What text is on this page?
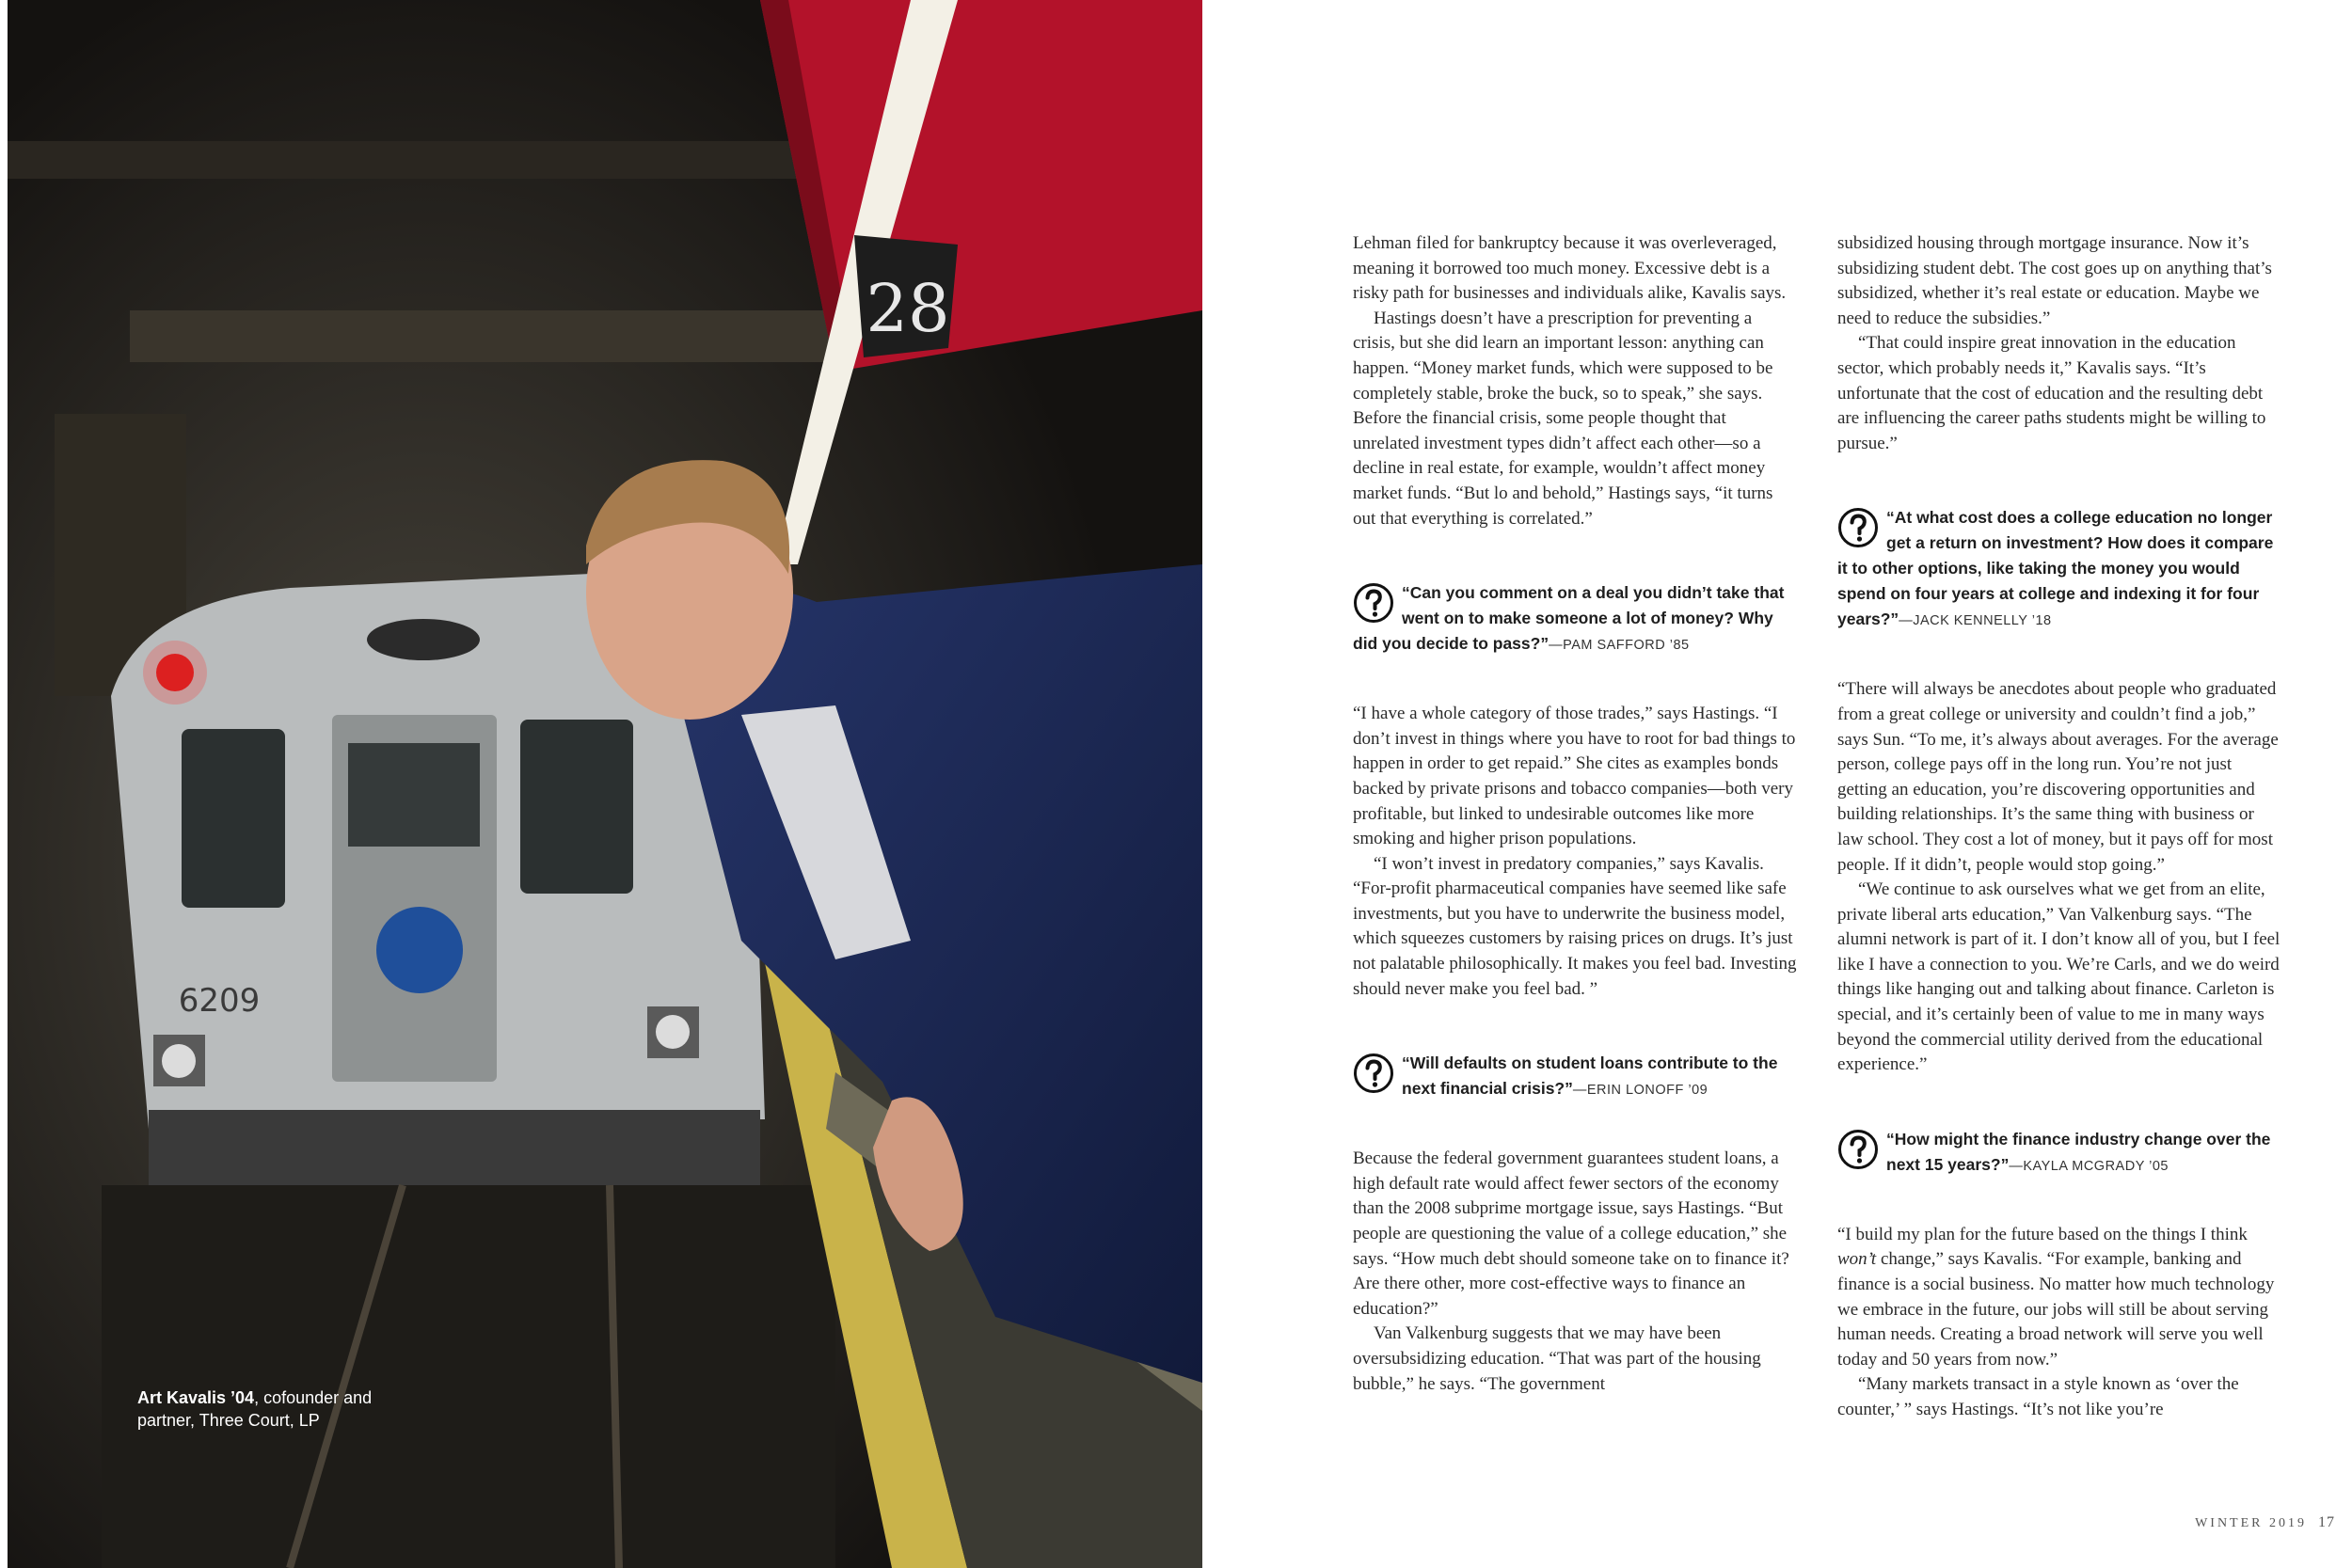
28
6209
Art Kavalis ’04, cofounder and partner, Three Court, LP

Lehman filed for bankruptcy because it was overleveraged, meaning it borrowed too much money. Excessive debt is a risky path for businesses and individuals alike, Kavalis says.

Hastings doesn’t have a prescription for preventing a crisis, but she did learn an important lesson: anything can happen. “Money market funds, which were supposed to be completely stable, broke the buck, so to speak,” she says. Before the financial crisis, some people thought that unrelated investment types didn’t affect each other—so a decline in real estate, for example, wouldn’t affect money market funds. “But lo and behold,” Hastings says, “it turns out that everything is correlated.”

“Can you comment on a deal you didn’t take that went on to make someone a lot of money? Why did you decide to pass?”—PAM SAFFORD ’85

“I have a whole category of those trades,” says Hastings. “I don’t invest in things where you have to root for bad things to happen in order to get repaid.” She cites as examples bonds backed by private prisons and tobacco companies—both very profitable, but linked to undesirable outcomes like more smoking and higher prison populations.

“I won’t invest in predatory companies,” says Kavalis. “For-profit pharmaceutical companies have seemed like safe investments, but you have to underwrite the business model, which squeezes customers by raising prices on drugs. It’s just not palatable philosophically. It makes you feel bad. Investing should never make you feel bad. ”

“Will defaults on student loans contribute to the next financial crisis?”—ERIN LONOFF ’09

Because the federal government guarantees student loans, a high default rate would affect fewer sectors of the economy than the 2008 subprime mortgage issue, says Hastings. “But people are questioning the value of a college education,” she says. “How much debt should someone take on to finance it? Are there other, more cost-effective ways to finance an education?”

Van Valkenburg suggests that we may have been oversubsidizing education. “That was part of the housing bubble,” he says. “The government

subsidized housing through mortgage insurance. Now it’s subsidizing student debt. The cost goes up on anything that’s subsidized, whether it’s real estate or education. Maybe we need to reduce the subsidies.”

“That could inspire great innovation in the education sector, which probably needs it,” Kavalis says. “It’s unfortunate that the cost of education and the resulting debt are influencing the career paths students might be willing to pursue.”

“At what cost does a college education no longer get a return on investment? How does it compare it to other options, like taking the money you would spend on four years at college and indexing it for four years?”—JACK KENNELLY ’18

“There will always be anecdotes about people who graduated from a great college or university and couldn’t find a job,” says Sun. “To me, it’s always about averages. For the average person, college pays off in the long run. You’re not just getting an education, you’re discovering opportunities and building relationships. It’s the same thing with business or law school. They cost a lot of money, but it pays off for most people. If it didn’t, people would stop going.”

“We continue to ask ourselves what we get from an elite, private liberal arts education,” Van Valkenburg says. “The alumni network is part of it. I don’t know all of you, but I feel like I have a connection to you. We’re Carls, and we do weird things like hanging out and talking about finance. Carleton is special, and it’s certainly been of value to me in many ways beyond the commercial utility derived from the educational experience.”

“How might the finance industry change over the next 15 years?”—KAYLA MCGRADY ’05

“I build my plan for the future based on the things I think won’t change,” says Kavalis. “For example, banking and finance is a social business. No matter how much technology we embrace in the future, our jobs will still be about serving human needs. Creating a broad network will serve you well today and 50 years from now.”

“Many markets transact in a style known as ‘over the counter,’ ” says Hastings. “It’s not like you’re

WINTER 2019 17
